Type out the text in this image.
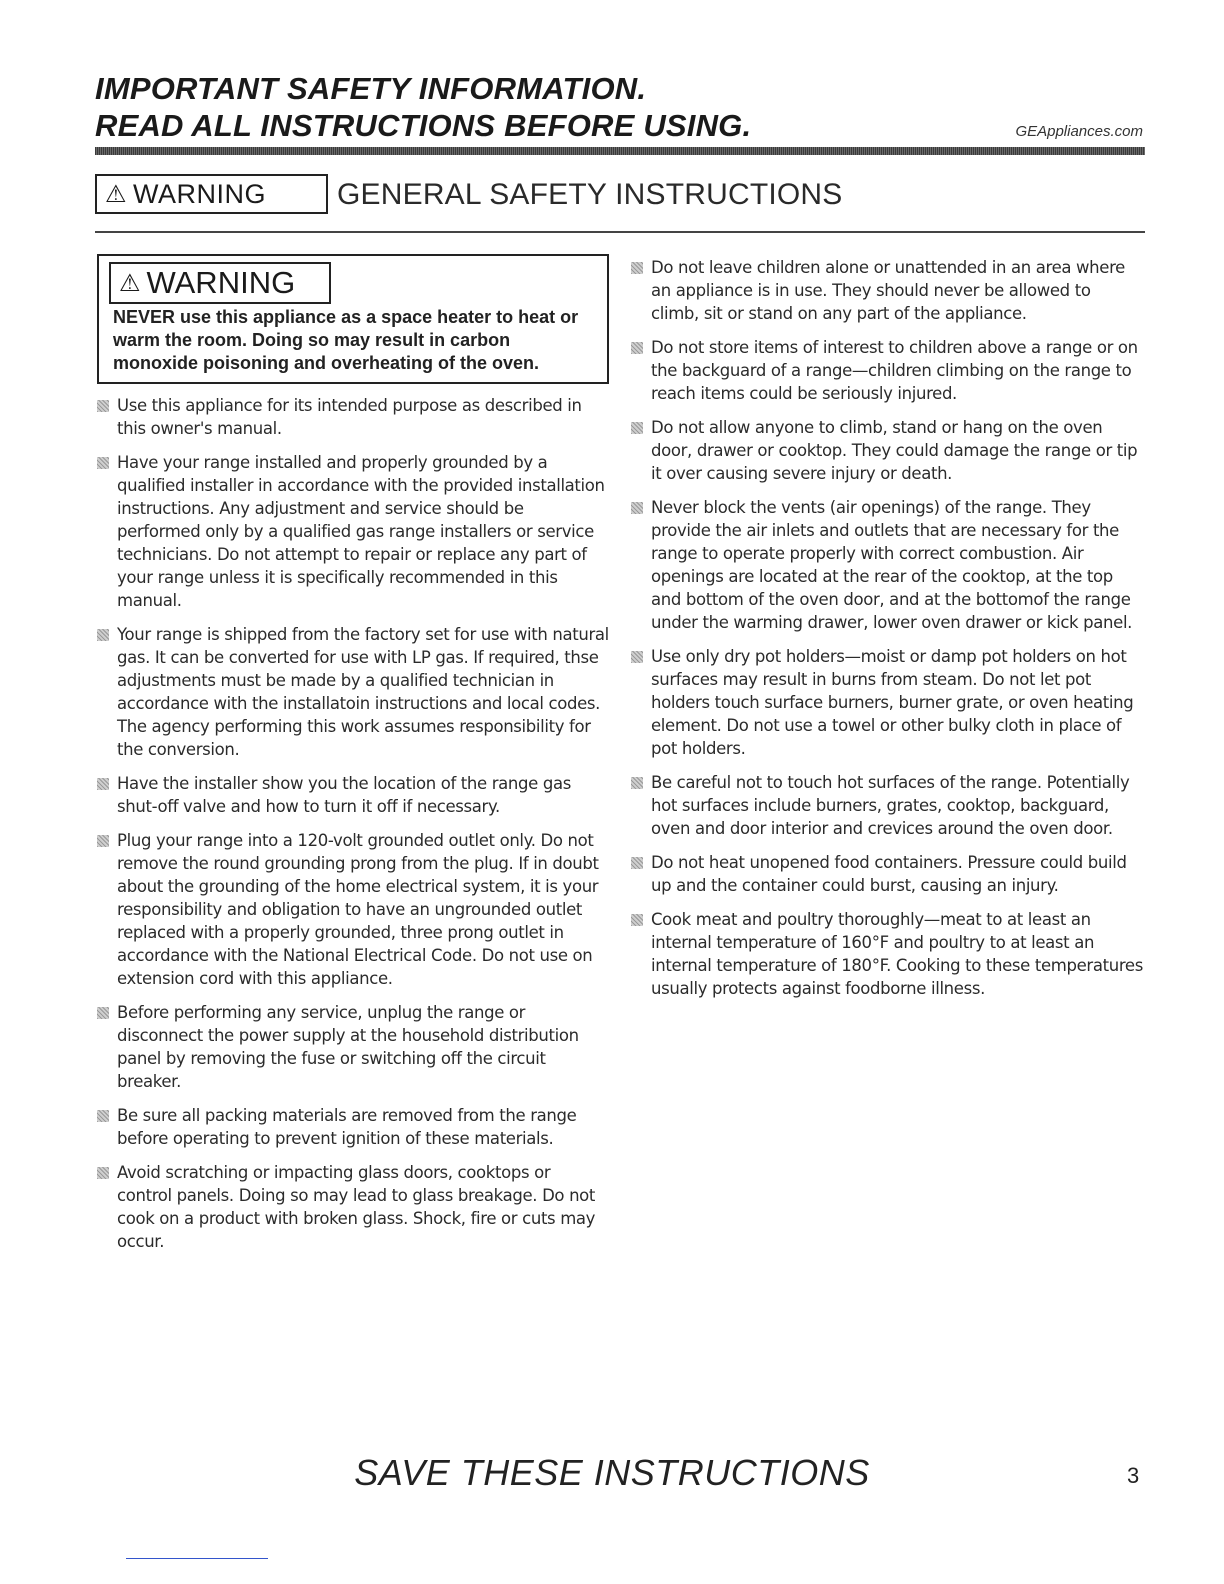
IMPORTANT SAFETY INFORMATION.
READ ALL INSTRUCTIONS BEFORE USING.	GEAppliances.com
⚠ WARNING GENERAL SAFETY INSTRUCTIONS
⚠ WARNING
NEVER use this appliance as a space heater to heat or warm the room. Doing so may result in carbon monoxide poisoning and overheating of the oven.
Use this appliance for its intended purpose as described in this owner's manual.
Have your range installed and properly grounded by a qualified installer in accordance with the provided installation instructions. Any adjustment and service should be performed only by a qualified gas range installers or service technicians. Do not attempt to repair or replace any part of your range unless it is specifically recommended in this manual.
Your range is shipped from the factory set for use with natural gas. It can be converted for use with LP gas. If required, thse adjustments must be made by a qualified technician in accordance with the installatoin instructions and local codes. The agency performing this work assumes responsibility for the conversion.
Have the installer show you the location of the range gas shut-off valve and how to turn it off if necessary.
Plug your range into a 120-volt grounded outlet only. Do not remove the round grounding prong from the plug. If in doubt about the grounding of the home electrical system, it is your responsibility and obligation to have an ungrounded outlet replaced with a properly grounded, three prong outlet in accordance with the National Electrical Code. Do not use on extension cord with this appliance.
Before performing any service, unplug the range or disconnect the power supply at the household distribution panel by removing the fuse or switching off the circuit breaker.
Be sure all packing materials are removed from the range before operating to prevent ignition of these materials.
Avoid scratching or impacting glass doors, cooktops or control panels. Doing so may lead to glass breakage. Do not cook on a product with broken glass. Shock, fire or cuts may occur.
Do not leave children alone or unattended in an area where an appliance is in use. They should never be allowed to climb, sit or stand on any part of the appliance.
Do not store items of interest to children above a range or on the backguard of a range—children climbing on the range to reach items could be seriously injured.
Do not allow anyone to climb, stand or hang on the oven door, drawer or cooktop. They could damage the range or tip it over causing severe injury or death.
Never block the vents (air openings) of the range. They provide the air inlets and outlets that are necessary for the range to operate properly with correct combustion. Air openings are located at the rear of the cooktop, at the top and bottom of the oven door, and at the bottomof the range under the warming drawer, lower oven drawer or kick panel.
Use only dry pot holders—moist or damp pot holders on hot surfaces may result in burns from steam. Do not let pot holders touch surface burners, burner grate, or oven heating element. Do not use a towel or other bulky cloth in place of pot holders.
Be careful not to touch hot surfaces of the range. Potentially hot surfaces include burners, grates, cooktop, backguard, oven and door interior and crevices around the oven door.
Do not heat unopened food containers. Pressure could build up and the container could burst, causing an injury.
Cook meat and poultry thoroughly—meat to at least an internal temperature of 160°F and poultry to at least an internal temperature of 180°F. Cooking to these temperatures usually protects against foodborne illness.
SAVE THESE INSTRUCTIONS	3
